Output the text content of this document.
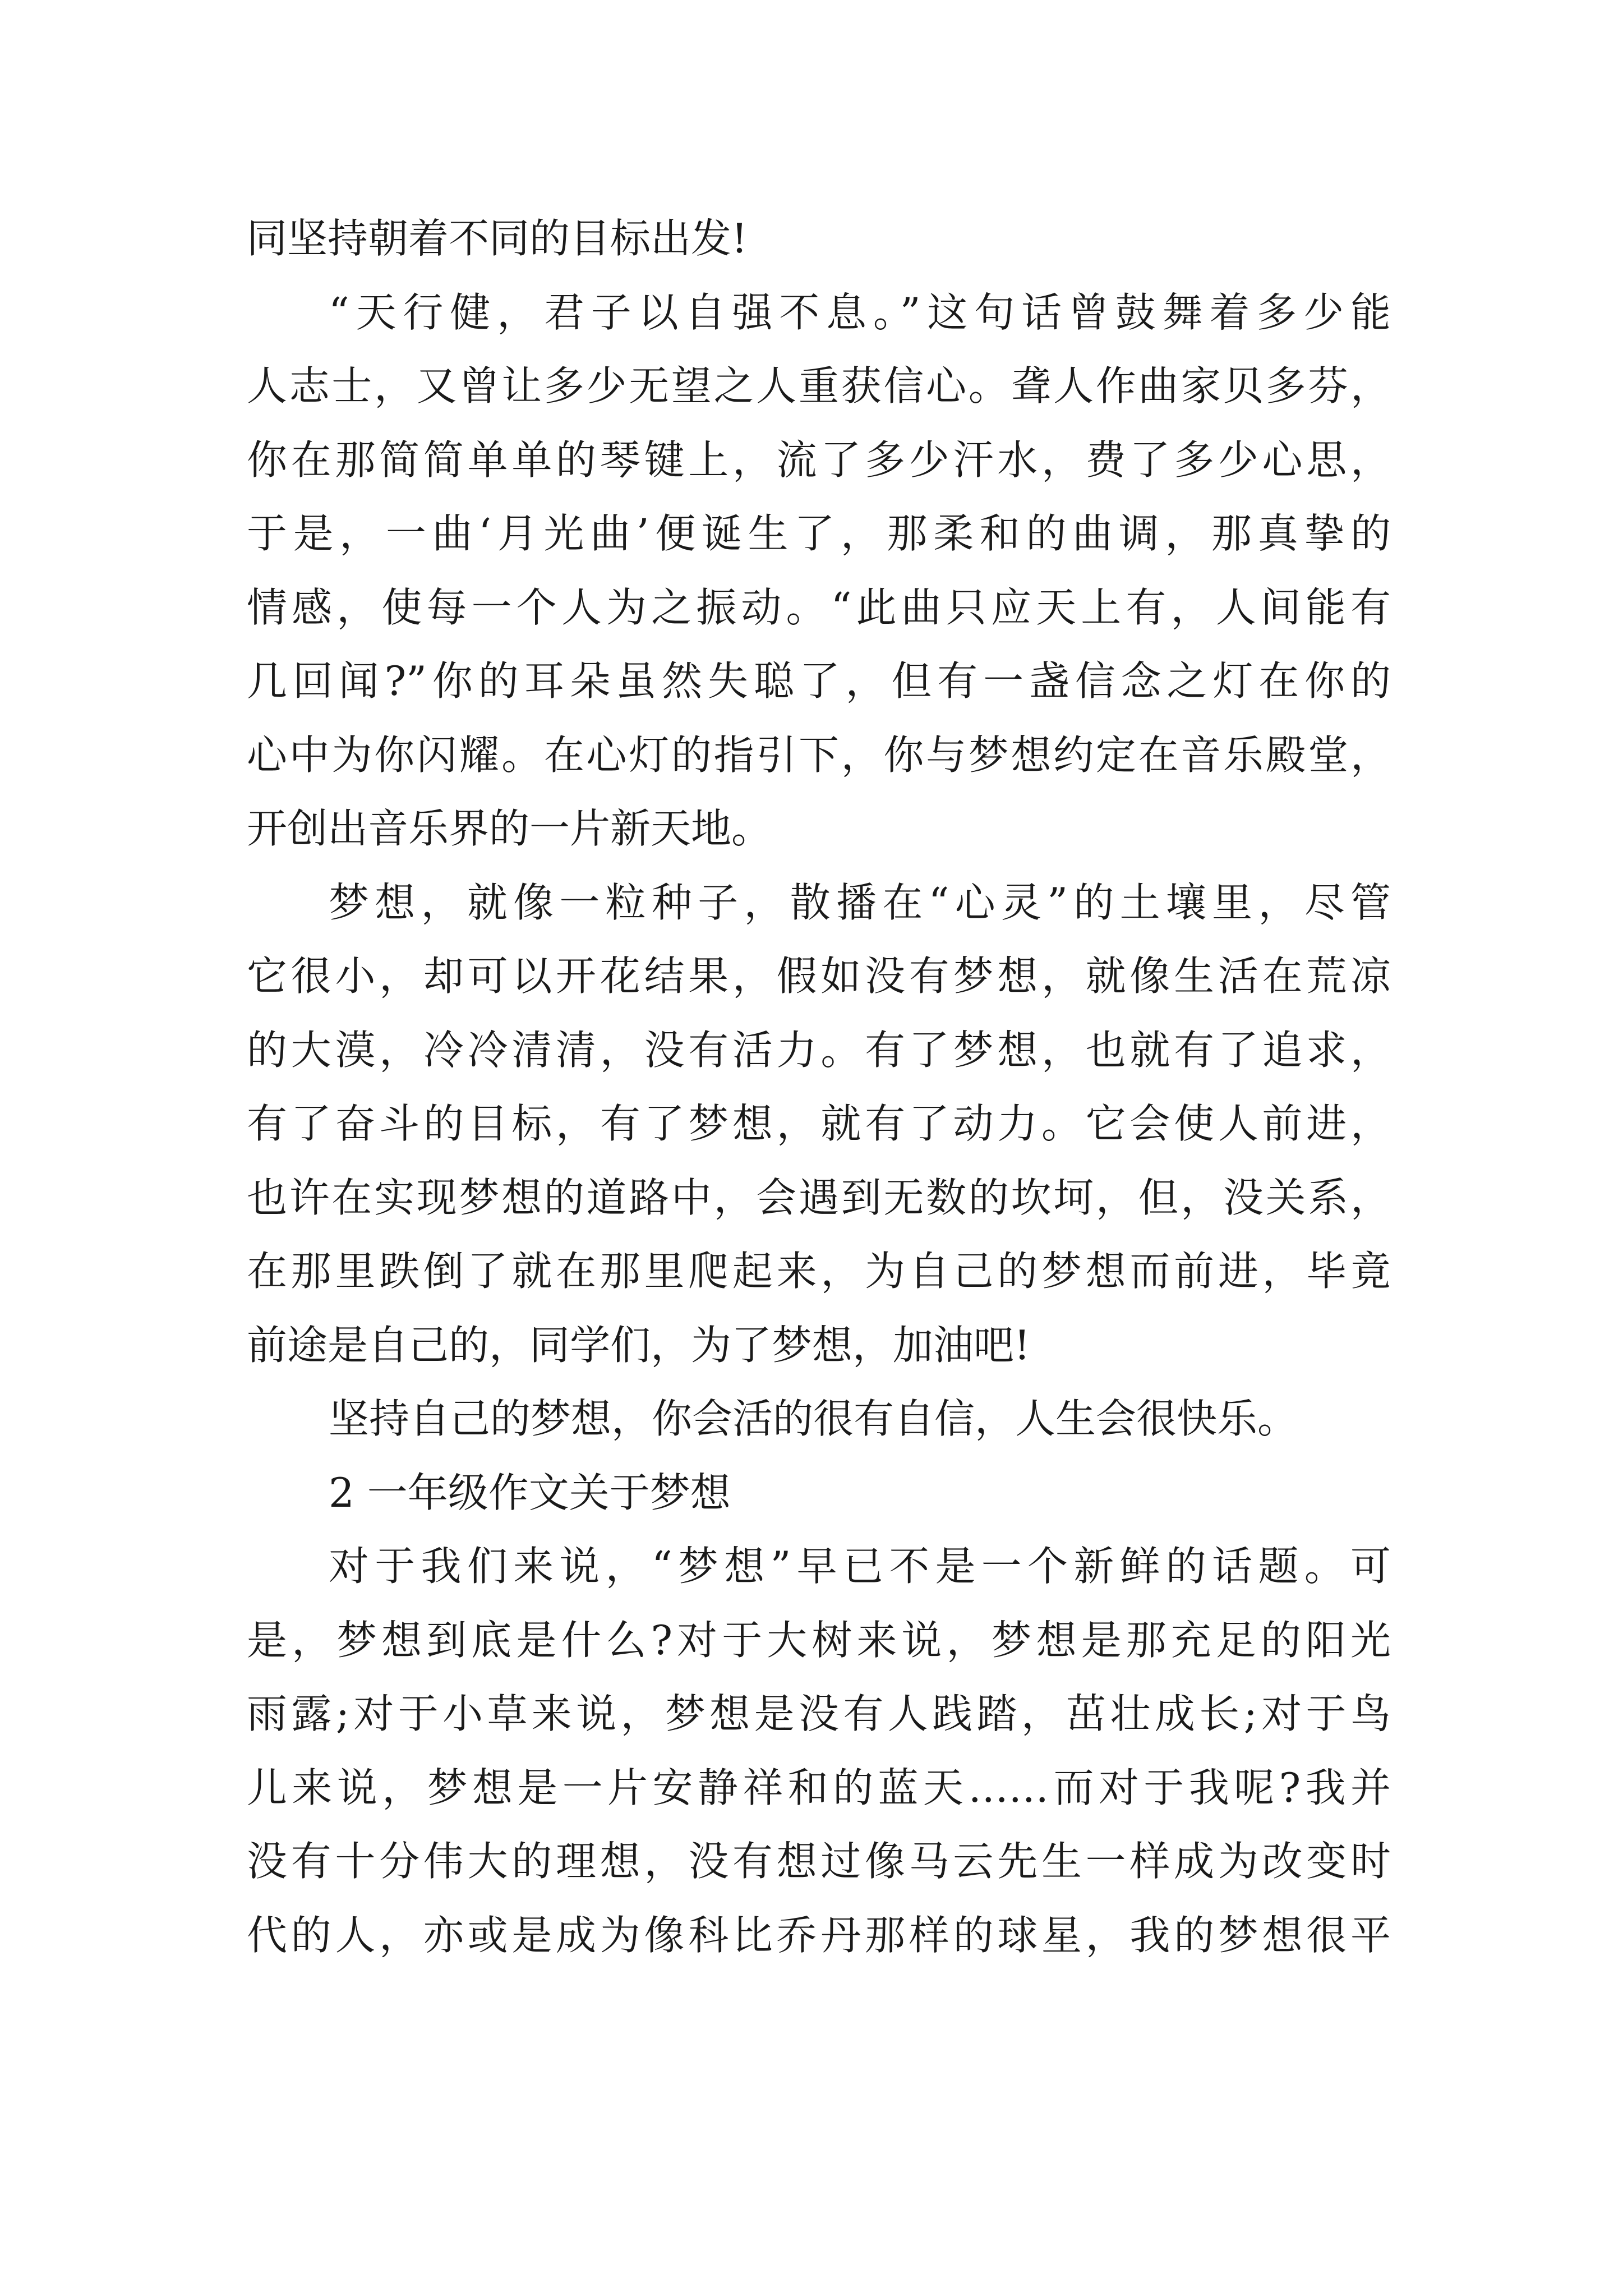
同坚持朝着不同的目标出发!
“天行健，君子以自强不息。”这句话曾鼓舞着多少能
人志士，又曾让多少无望之人重获信心。聋人作曲家贝多芬，
你在那简简单单的琴键上，流了多少汗水，费了多少心思，
于是，一曲‘月光曲’便诞生了，那柔和的曲调，那真挚的
情感，使每一个人为之振动。“此曲只应天上有，人间能有
几回闻?”你的耳朵虽然失聪了，但有一盏信念之灯在你的
心中为你闪耀。在心灯的指引下，你与梦想约定在音乐殿堂，
开创出音乐界的一片新天地。
梦想，就像一粒种子，散播在“心灵”的土壤里，尽管
它很小，却可以开花结果，假如没有梦想，就像生活在荒凉
的大漠，冷冷清清，没有活力。有了梦想，也就有了追求，
有了奋斗的目标，有了梦想，就有了动力。它会使人前进，
也许在实现梦想的道路中，会遇到无数的坎坷，但，没关系，
在那里跌倒了就在那里爬起来，为自己的梦想而前进，毕竟
前途是自己的，同学们，为了梦想，加油吧!
坚持自己的梦想，你会活的很有自信，人生会很快乐。
2 一年级作文关于梦想
对于我们来说，“梦想”早已不是一个新鲜的话题。可
是，梦想到底是什么?对于大树来说，梦想是那充足的阳光
雨露;对于小草来说，梦想是没有人践踏，茁壮成长;对于鸟
儿来说，梦想是一片安静祥和的蓝天……而对于我呢?我并
没有十分伟大的理想，没有想过像马云先生一样成为改变时
代的人，亦或是成为像科比乔丹那样的球星，我的梦想很平
